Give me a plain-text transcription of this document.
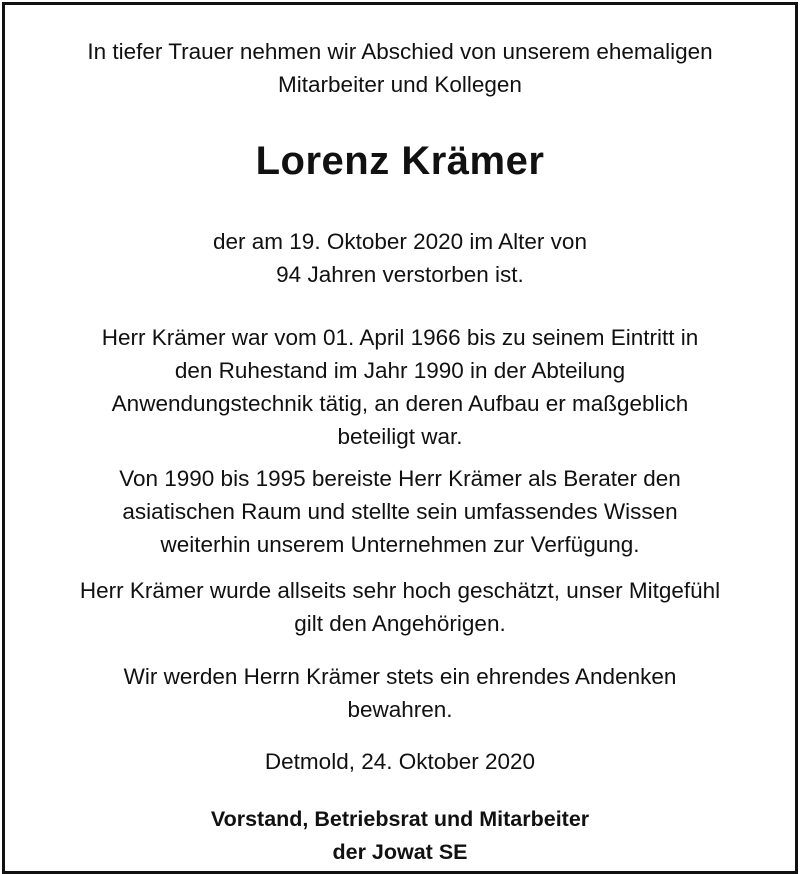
In tiefer Trauer nehmen wir Abschied von unserem ehemaligen
Mitarbeiter und Kollegen
Lorenz Krämer
der am 19. Oktober 2020 im Alter von
94 Jahren verstorben ist.
Herr Krämer war vom 01. April 1966 bis zu seinem Eintritt in
den Ruhestand im Jahr 1990 in der Abteilung
Anwendungstechnik tätig, an deren Aufbau er maßgeblich
beteiligt war.
Von 1990 bis 1995 bereiste Herr Krämer als Berater den
asiatischen Raum und stellte sein umfassendes Wissen
weiterhin unserem Unternehmen zur Verfügung.
Herr Krämer wurde allseits sehr hoch geschätzt, unser Mitgefühl
gilt den Angehörigen.
Wir werden Herrn Krämer stets ein ehrendes Andenken
bewahren.
Detmold, 24. Oktober 2020
Vorstand, Betriebsrat und Mitarbeiter
der Jowat SE
